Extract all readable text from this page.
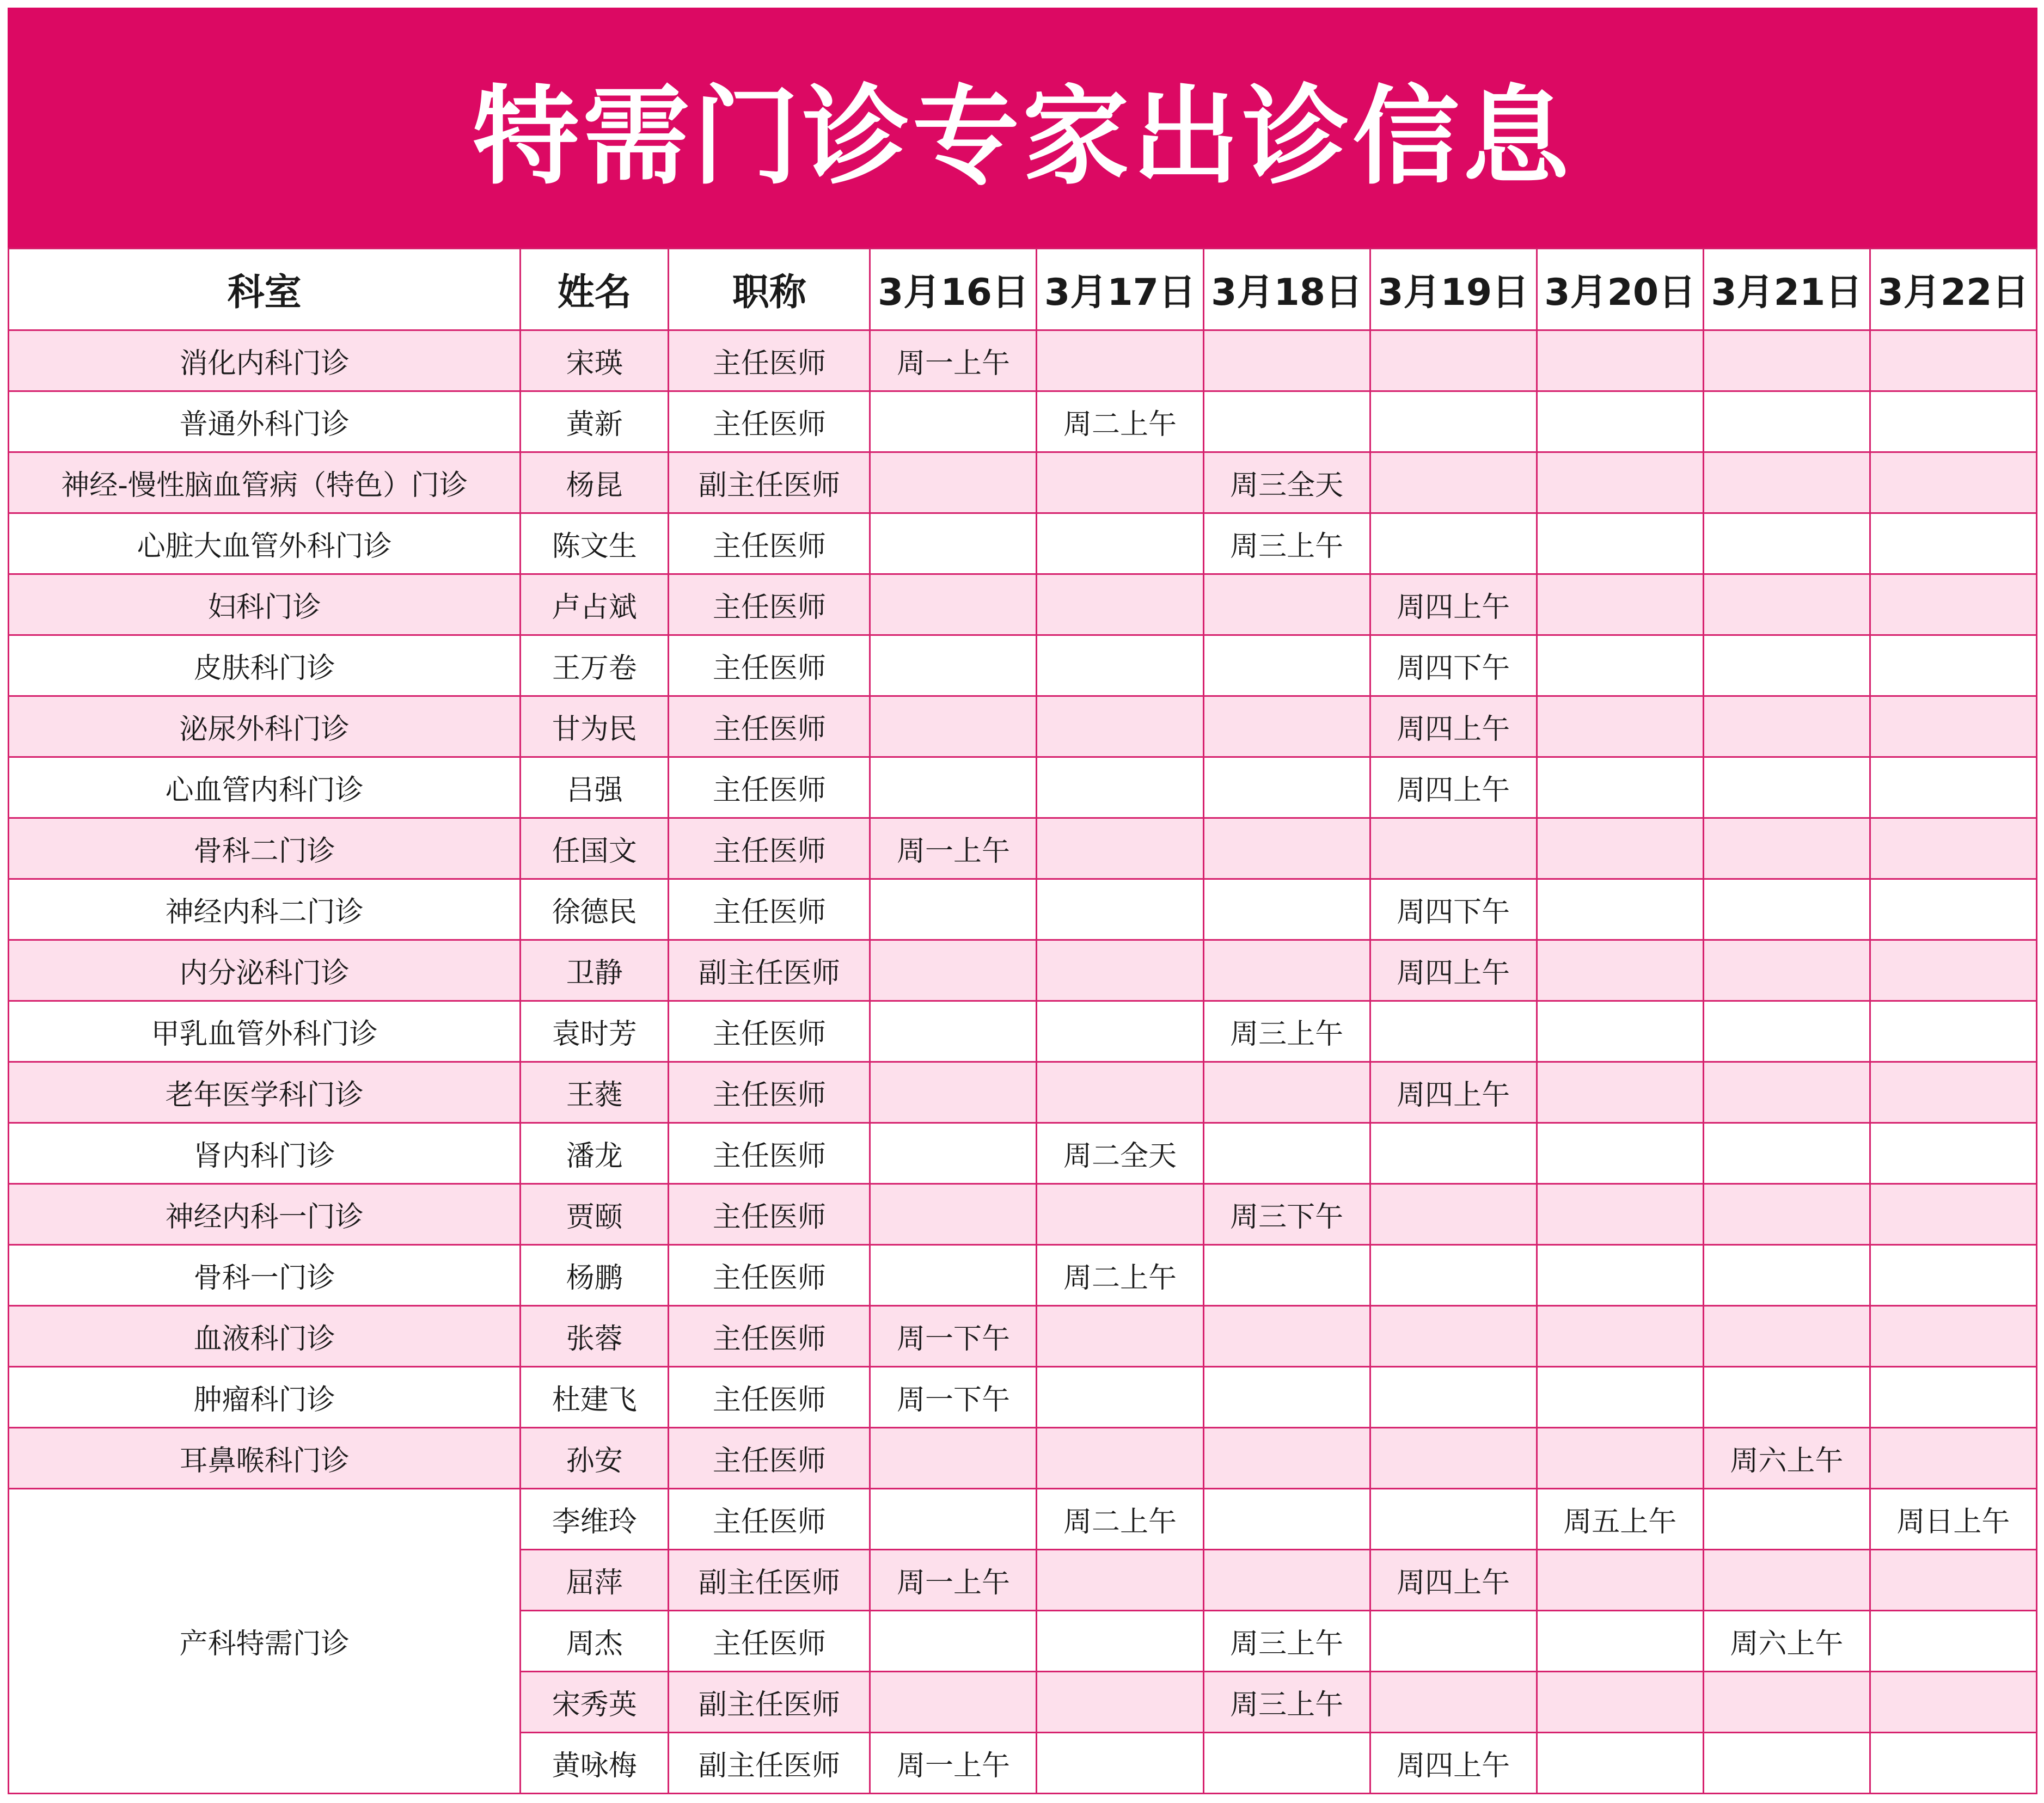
特需门诊专家出诊信息
科室	姓名	职称	3月16日	3月17日	3月18日	3月19日	3月20日	3月21日	3月22日
消化内科门诊	宋瑛	主任医师	周一上午						
普通外科门诊	黄新	主任医师		周二上午					
神经-慢性脑血管病（特色）门诊	杨昆	副主任医师			周三全天				
心脏大血管外科门诊	陈文生	主任医师			周三上午				
妇科门诊	卢占斌	主任医师				周四上午			
皮肤科门诊	王万卷	主任医师				周四下午			
泌尿外科门诊	甘为民	主任医师				周四上午			
心血管内科门诊	吕强	主任医师				周四上午			
骨科二门诊	任国文	主任医师	周一上午						
神经内科二门诊	徐德民	主任医师				周四下午			
内分泌科门诊	卫静	副主任医师				周四上午			
甲乳血管外科门诊	袁时芳	主任医师			周三上午				
老年医学科门诊	王蕤	主任医师				周四上午			
肾内科门诊	潘龙	主任医师		周二全天					
神经内科一门诊	贾颐	主任医师			周三下午				
骨科一门诊	杨鹏	主任医师		周二上午					
血液科门诊	张蓉	主任医师	周一下午						
肿瘤科门诊	杜建飞	主任医师	周一下午						
耳鼻喉科门诊	孙安	主任医师						周六上午	
产科特需门诊	李维玲	主任医师		周二上午			周五上午		周日上午
	屈萍	副主任医师	周一上午			周四上午			
	周杰	主任医师			周三上午			周六上午	
	宋秀英	副主任医师			周三上午				
	黄咏梅	副主任医师	周一上午			周四上午			
